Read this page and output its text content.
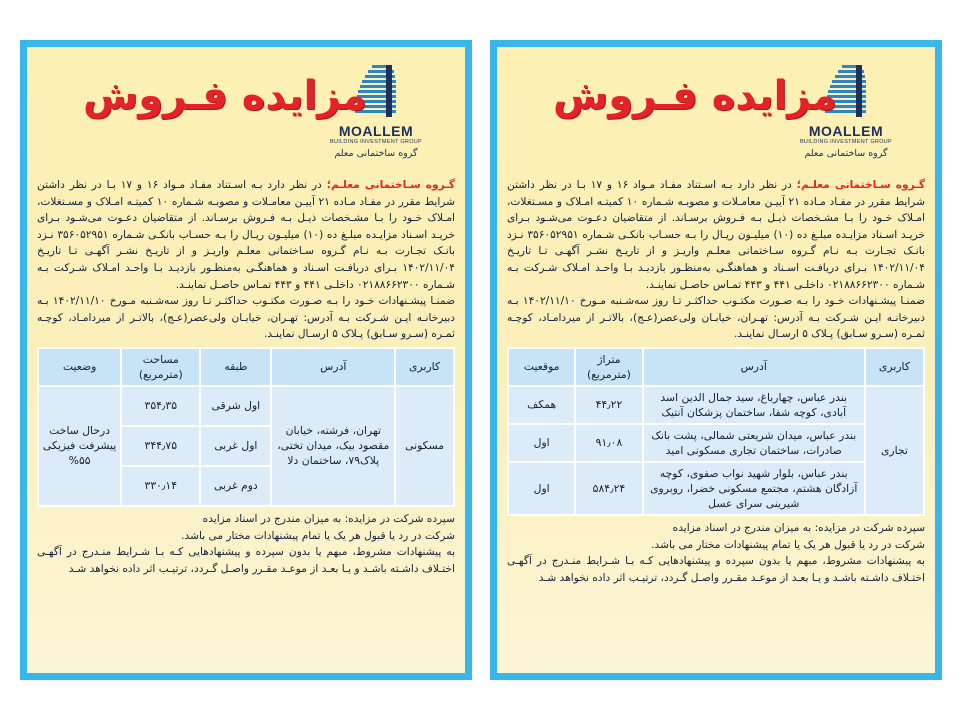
MOALLEM
BUILDING INVESTMENT GROUP
گروه ساختمانی معلم
مزایده فـروش

گـروه سـاختمانی معلـم؛ در نظر دارد بـه اسـتناد مفـاد مـواد ۱۶ و ۱۷ بـا در نظر داشتن شرایط مقرر در مفـاد مـاده ۲۱ آییـن معامـلات و مصوبـه شـماره ۱۰ کمیتـه امـلاک و مسـتغلات، امـلاک خـود را بـا مشـخصات ذیـل بـه فـروش برسـاند. از متقاضیان دعـوت می‌شـود بـرای خریـد اسـناد مزایـده مبلـغ ده (۱۰) میلیـون ریـال را بـه حسـاب بانکـی شـماره ۳۵۶۰۵۲۹۵۱ نـزد بانـک تجـارت بـه نـام گـروه سـاختمانی معلـم واریـز و از تاریـخ نشـر آگهـی تـا تاریـخ ۱۴۰۲/۱۱/۰۴ بـرای دریافـت اسـناد و هماهنگـی به‌منظـور بازدیـد بـا واحـد امـلاک شـرکت بـه شـماره ۰۲۱۸۸۶۶۲۳۰۰ داخلـی ۴۴۱ و ۴۴۳ تمـاس حاصـل نماینـد.

ضمنـا پیشـنهادات خـود را بـه صـورت مکتـوب حداکثـر تـا روز سه‌شـنبه مـورخ ۱۴۰۲/۱۱/۱۰ بـه دبیرخانـه ایـن شـرکت بـه آدرس: تهـران، خیابـان ولی‌عصر(عـج)، بالاتـر از میردامـاد، کوچـه ثمـره (سـرو سـابق) پـلاک ۵ ارسـال نماینـد.

کاربری	آدرس	طبقه	مساحت (مترمربع)	وضعیت
مسکونی	تهران، فرشته، خیابان مقصود بیک، میدان تختی، پلاک۷۹، ساختمان دلا	اول شرقی	۳۵۴٫۳۵	درحال ساخت پیشرفت فیزیکی ۵۵%
		اول غربی	۳۴۴٫۷۵	
		دوم غربی	۳۳۰٫۱۴	

سپرده شرکت در مزایده: به میزان مندرج در اسناد مزایده

شرکت در رد یا قبول هر یک یا تمام پیشنهادات مختار می باشد.

به پیشنهادات مشروط، مبهم یا بدون سپرده و پیشنهادهایی کـه بـا شـرایط منـدرج در آگهـی اختـلاف داشـته باشـد و یـا بعـد از موعـد مقـرر واصـل گـردد، ترتیـب اثر داده نخواهد شـد

MOALLEM
BUILDING INVESTMENT GROUP
گروه ساختمانی معلم
مزایده فـروش

گـروه سـاختمانی معلـم؛ در نظر دارد بـه اسـتناد مفـاد مـواد ۱۶ و ۱۷ بـا در نظر داشتن شرایط مقرر در مفـاد مـاده ۲۱ آییـن معامـلات و مصوبـه شـماره ۱۰ کمیتـه امـلاک و مسـتغلات، امـلاک خـود را بـا مشـخصات ذیـل بـه فـروش برسـاند. از متقاضیان دعـوت می‌شـود بـرای خریـد اسـناد مزایـده مبلـغ ده (۱۰) میلیـون ریـال را بـه حسـاب بانکـی شـماره ۳۵۶۰۵۲۹۵۱ نـزد بانـک تجـارت بـه نـام گـروه سـاختمانی معلـم واریـز و از تاریـخ نشـر آگهـی تـا تاریـخ ۱۴۰۲/۱۱/۰۴ بـرای دریافـت اسـناد و هماهنگـی به‌منظـور بازدیـد بـا واحـد امـلاک شـرکت بـه شـماره ۰۲۱۸۸۶۶۲۳۰۰ داخلـی ۴۴۱ و ۴۴۳ تمـاس حاصـل نماینـد.

ضمنـا پیشـنهادات خـود را بـه صـورت مکتـوب حداکثـر تـا روز سه‌شـنبه مـورخ ۱۴۰۲/۱۱/۱۰ بـه دبیرخانـه ایـن شـرکت بـه آدرس: تهـران، خیابـان ولی‌عصر(عـج)، بالاتـر از میردامـاد، کوچـه ثمـره (سـرو سـابق) پـلاک ۵ ارسـال نماینـد.

کاربری	آدرس	متراژ (مترمربع)	موقعیت
تجاری	بندر عباس، چهارباغ، سید جمال الدین اسد آبادی، کوچه شفا، ساختمان پزشکان آنتیک	۴۴٫۲۲	همکف
	بندر عباس، میدان شریعتی شمالی، پشت بانک صادرات، ساختمان تجاری مسکونی امید	۹۱٫۰۸	اول
	بندر عباس، بلوار شهید نواب صفوی، کوچه آزادگان هشتم، مجتمع مسکونی خضرا، روبروی شیرینی سرای عسل	۵۸۴٫۲۴	اول

سپرده شرکت در مزایده: به میزان مندرج در اسناد مزایده

شرکت در رد یا قبول هر یک یا تمام پیشنهادات مختار می باشد.

به پیشنهادات مشروط، مبهم یا بدون سپرده و پیشنهادهایی کـه بـا شـرایط منـدرج در آگهـی اختـلاف داشـته باشـد و یـا بعـد از موعـد مقـرر واصـل گـردد، ترتیـب اثر داده نخواهد شـد
